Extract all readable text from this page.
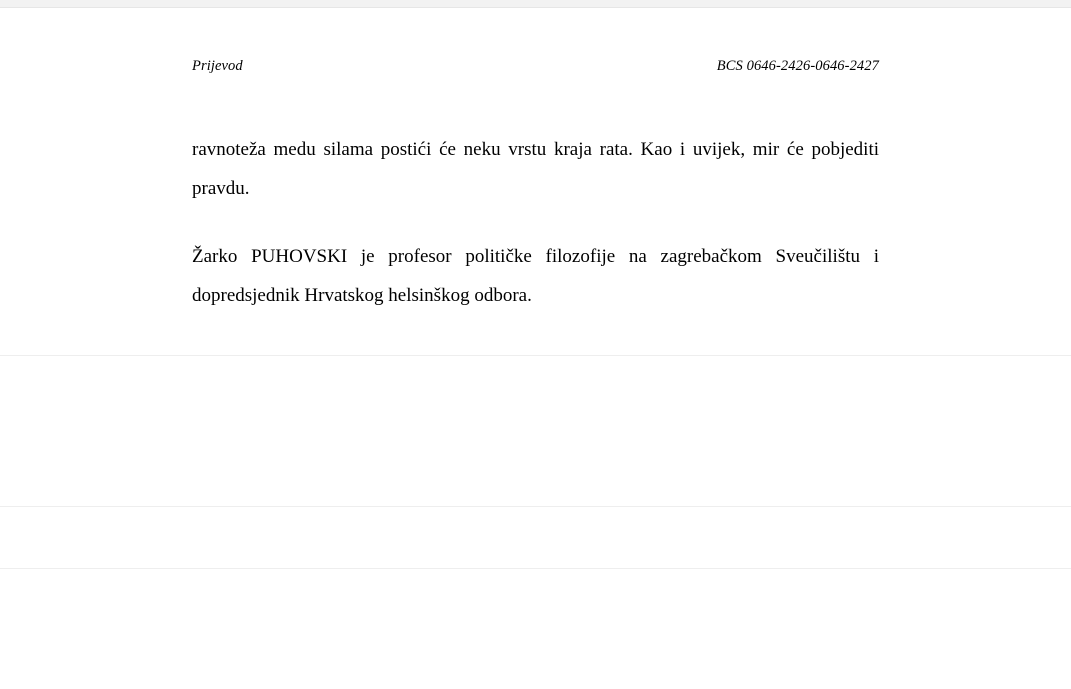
Prijevod	BCS 0646-2426-0646-2427

ravnoteža medu silama postići će neku vrstu kraja rata. Kao i uvijek, mir će pobjediti pravdu.

Žarko PUHOVSKI je profesor političke filozofije na zagrebačkom Sveučilištu i dopredsjednik Hrvatskog helsinškog odbora.
